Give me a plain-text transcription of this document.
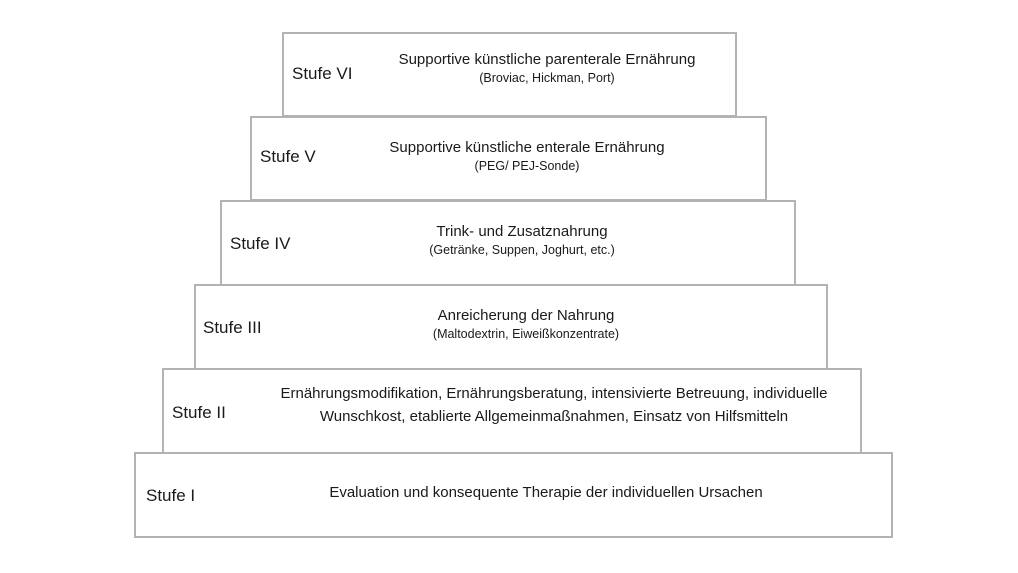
Stufe VI
Supportive künstliche parenterale Ernährung
(Broviac, Hickman, Port)
Stufe V	Supportive künstliche enterale Ernährung
(PEG/ PEJ-Sonde)
Stufe IV
Trink- und Zusatznahrung
(Getränke, Suppen, Joghurt, etc.)
Stufe III
Anreicherung der Nahrung
(Maltodextrin, Eiweißkonzentrate)
Stufe II
Ernährungsmodifikation, Ernährungsberatung, intensivierte Betreuung, individuelle Wunschkost, etablierte Allgemeinmaßnahmen, Einsatz von Hilfsmitteln
Stufe I	Evaluation und konsequente Therapie der individuellen Ursachen
